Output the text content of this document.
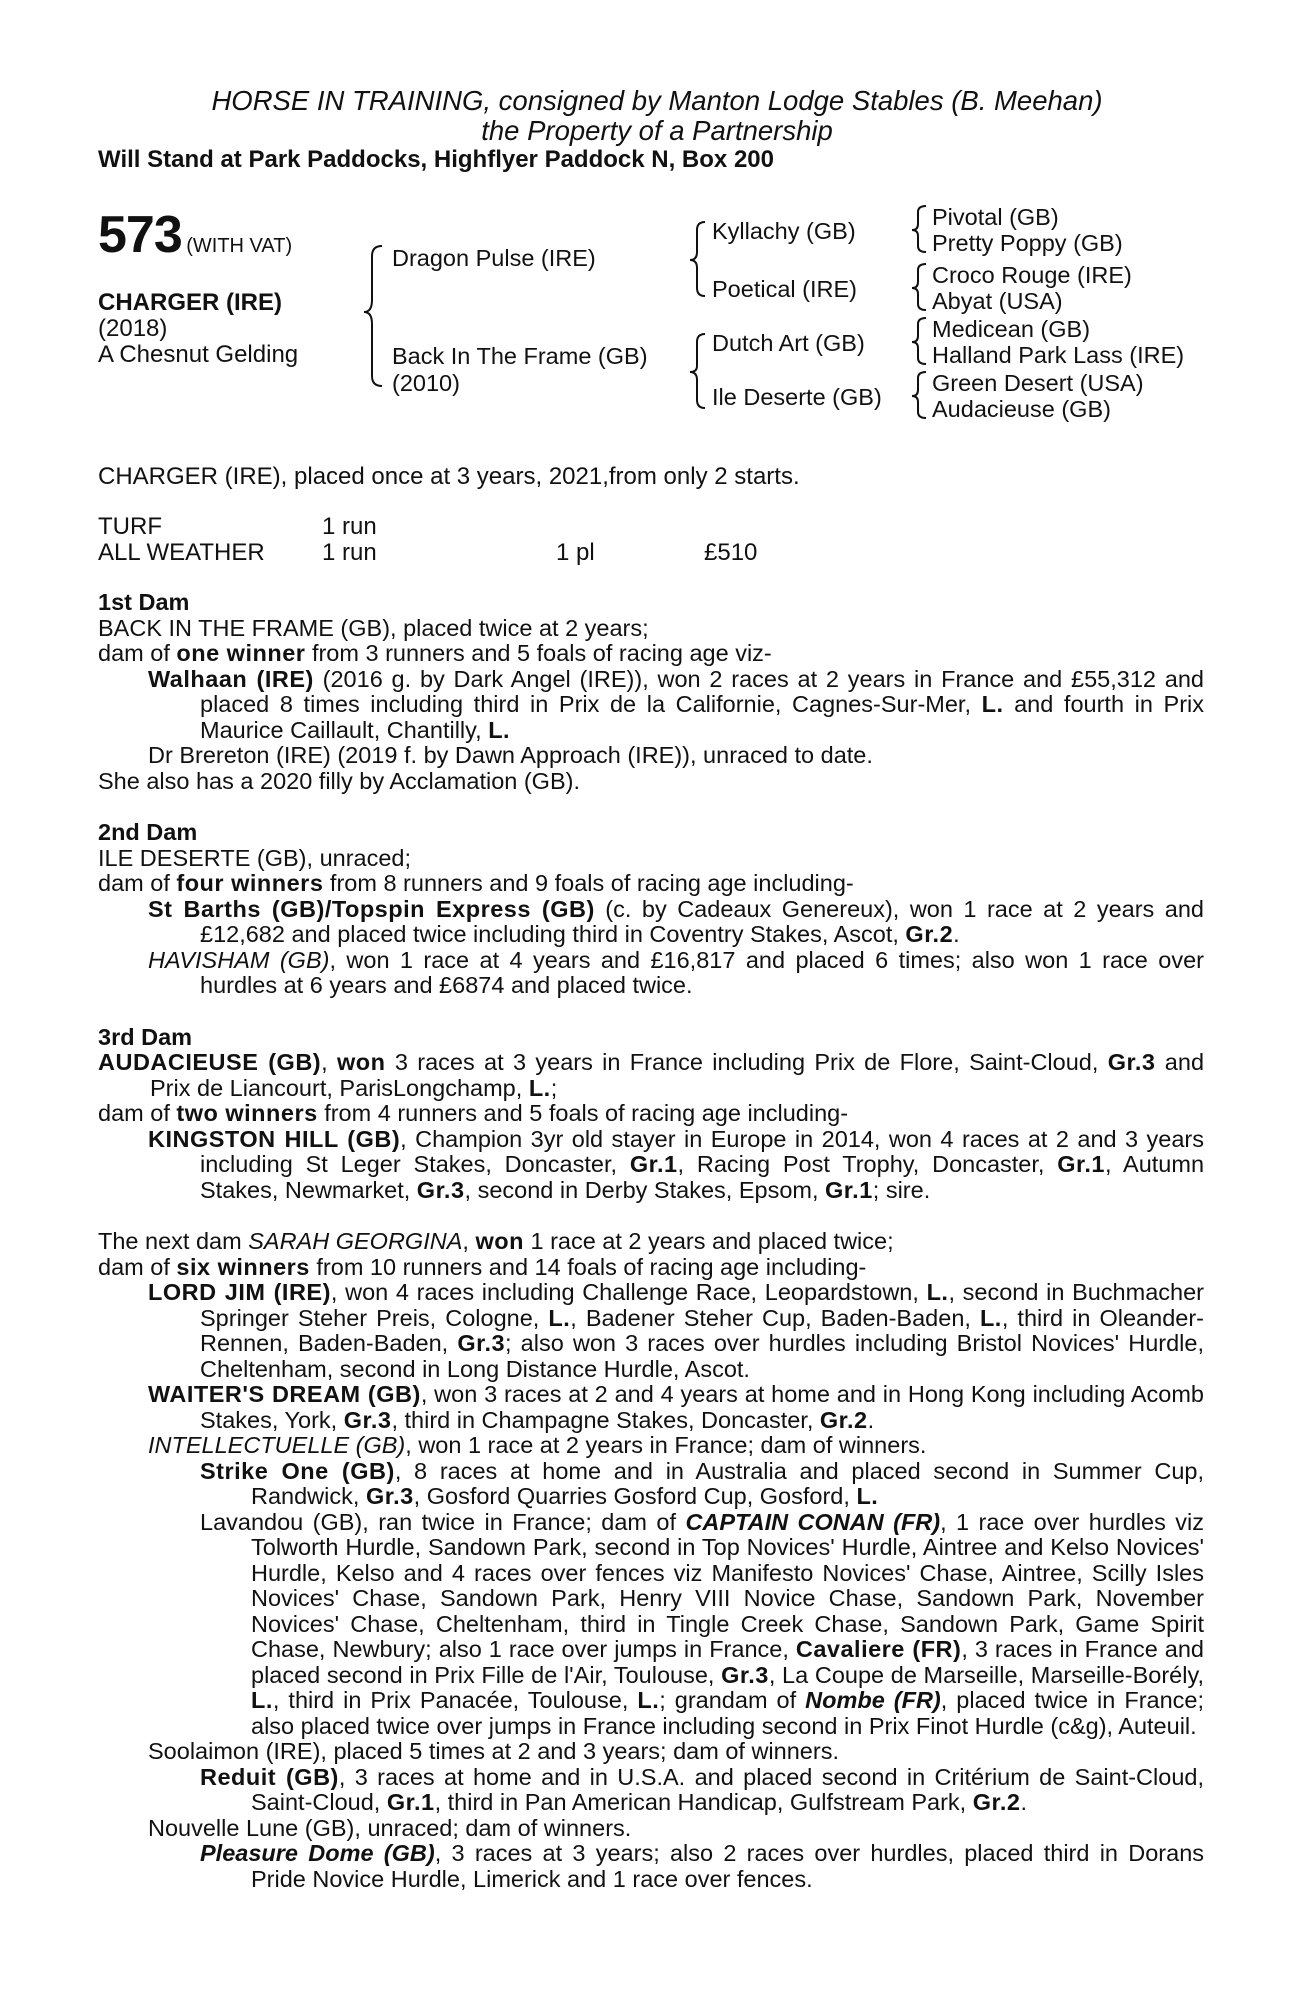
HORSE IN TRAINING, consigned by Manton Lodge Stables (B. Meehan)
the Property of a Partnership
Will Stand at Park Paddocks, Highflyer Paddock N, Box 200
573 (WITH VAT)
CHARGER (IRE)
(2018)
A Chesnut Gelding
Dragon Pulse (IRE)
Back In The Frame (GB)
(2010)
Kyllachy (GB)
Poetical (IRE)
Dutch Art (GB)
Ile Deserte (GB)
Pivotal (GB)
Pretty Poppy (GB)
Croco Rouge (IRE)
Abyat (USA)
Medicean (GB)
Halland Park Lass (IRE)
Green Desert (USA)
Audacieuse (GB)
CHARGER (IRE), placed once at 3 years, 2021,from only 2 starts.
TURF	1 run
ALL WEATHER 1 run	1 pl	£510
1st Dam

BACK IN THE FRAME (GB), placed twice at 2 years;

dam of one winner from 3 runners and 5 foals of racing age viz-

Walhaan (IRE) (2016 g. by Dark Angel (IRE)), won 2 races at 2 years in France and £55,312 and placed 8 times including third in Prix de la Californie, Cagnes-Sur-Mer, L. and fourth in Prix Maurice Caillault, Chantilly, L.

Dr Brereton (IRE) (2019 f. by Dawn Approach (IRE)), unraced to date.

She also has a 2020 filly by Acclamation (GB).

2nd Dam

ILE DESERTE (GB), unraced;

dam of four winners from 8 runners and 9 foals of racing age including-

St Barths (GB)/Topspin Express (GB) (c. by Cadeaux Genereux), won 1 race at 2 years and £12,682 and placed twice including third in Coventry Stakes, Ascot, Gr.2.

HAVISHAM (GB), won 1 race at 4 years and £16,817 and placed 6 times; also won 1 race over hurdles at 6 years and £6874 and placed twice.

3rd Dam

AUDACIEUSE (GB), won 3 races at 3 years in France including Prix de Flore, Saint-Cloud, Gr.3 and Prix de Liancourt, ParisLongchamp, L.;

dam of two winners from 4 runners and 5 foals of racing age including-

KINGSTON HILL (GB), Champion 3yr old stayer in Europe in 2014, won 4 races at 2 and 3 years including St Leger Stakes, Doncaster, Gr.1, Racing Post Trophy, Doncaster, Gr.1, Autumn Stakes, Newmarket, Gr.3, second in Derby Stakes, Epsom, Gr.1; sire.

The next dam SARAH GEORGINA, won 1 race at 2 years and placed twice;

dam of six winners from 10 runners and 14 foals of racing age including-

LORD JIM (IRE), won 4 races including Challenge Race, Leopardstown, L., second in Buchmacher Springer Steher Preis, Cologne, L., Badener Steher Cup, Baden-Baden, L., third in Oleander-Rennen, Baden-Baden, Gr.3; also won 3 races over hurdles including Bristol Novices' Hurdle, Cheltenham, second in Long Distance Hurdle, Ascot.

WAITER'S DREAM (GB), won 3 races at 2 and 4 years at home and in Hong Kong including Acomb Stakes, York, Gr.3, third in Champagne Stakes, Doncaster, Gr.2.

INTELLECTUELLE (GB), won 1 race at 2 years in France; dam of winners.

Strike One (GB), 8 races at home and in Australia and placed second in Summer Cup, Randwick, Gr.3, Gosford Quarries Gosford Cup, Gosford, L.

Lavandou (GB), ran twice in France; dam of CAPTAIN CONAN (FR), 1 race over hurdles viz Tolworth Hurdle, Sandown Park, second in Top Novices' Hurdle, Aintree and Kelso Novices' Hurdle, Kelso and 4 races over fences viz Manifesto Novices' Chase, Aintree, Scilly Isles Novices' Chase, Sandown Park, Henry VIII Novice Chase, Sandown Park, November Novices' Chase, Cheltenham, third in Tingle Creek Chase, Sandown Park, Game Spirit Chase, Newbury; also 1 race over jumps in France, Cavaliere (FR), 3 races in France and placed second in Prix Fille de l'Air, Toulouse, Gr.3, La Coupe de Marseille, Marseille-Borély, L., third in Prix Panacée, Toulouse, L.; grandam of Nombe (FR), placed twice in France; also placed twice over jumps in France including second in Prix Finot Hurdle (c&g), Auteuil.

Soolaimon (IRE), placed 5 times at 2 and 3 years; dam of winners.

Reduit (GB), 3 races at home and in U.S.A. and placed second in Critérium de Saint-Cloud, Saint-Cloud, Gr.1, third in Pan American Handicap, Gulfstream Park, Gr.2.

Nouvelle Lune (GB), unraced; dam of winners.

Pleasure Dome (GB), 3 races at 3 years; also 2 races over hurdles, placed third in Dorans Pride Novice Hurdle, Limerick and 1 race over fences.
